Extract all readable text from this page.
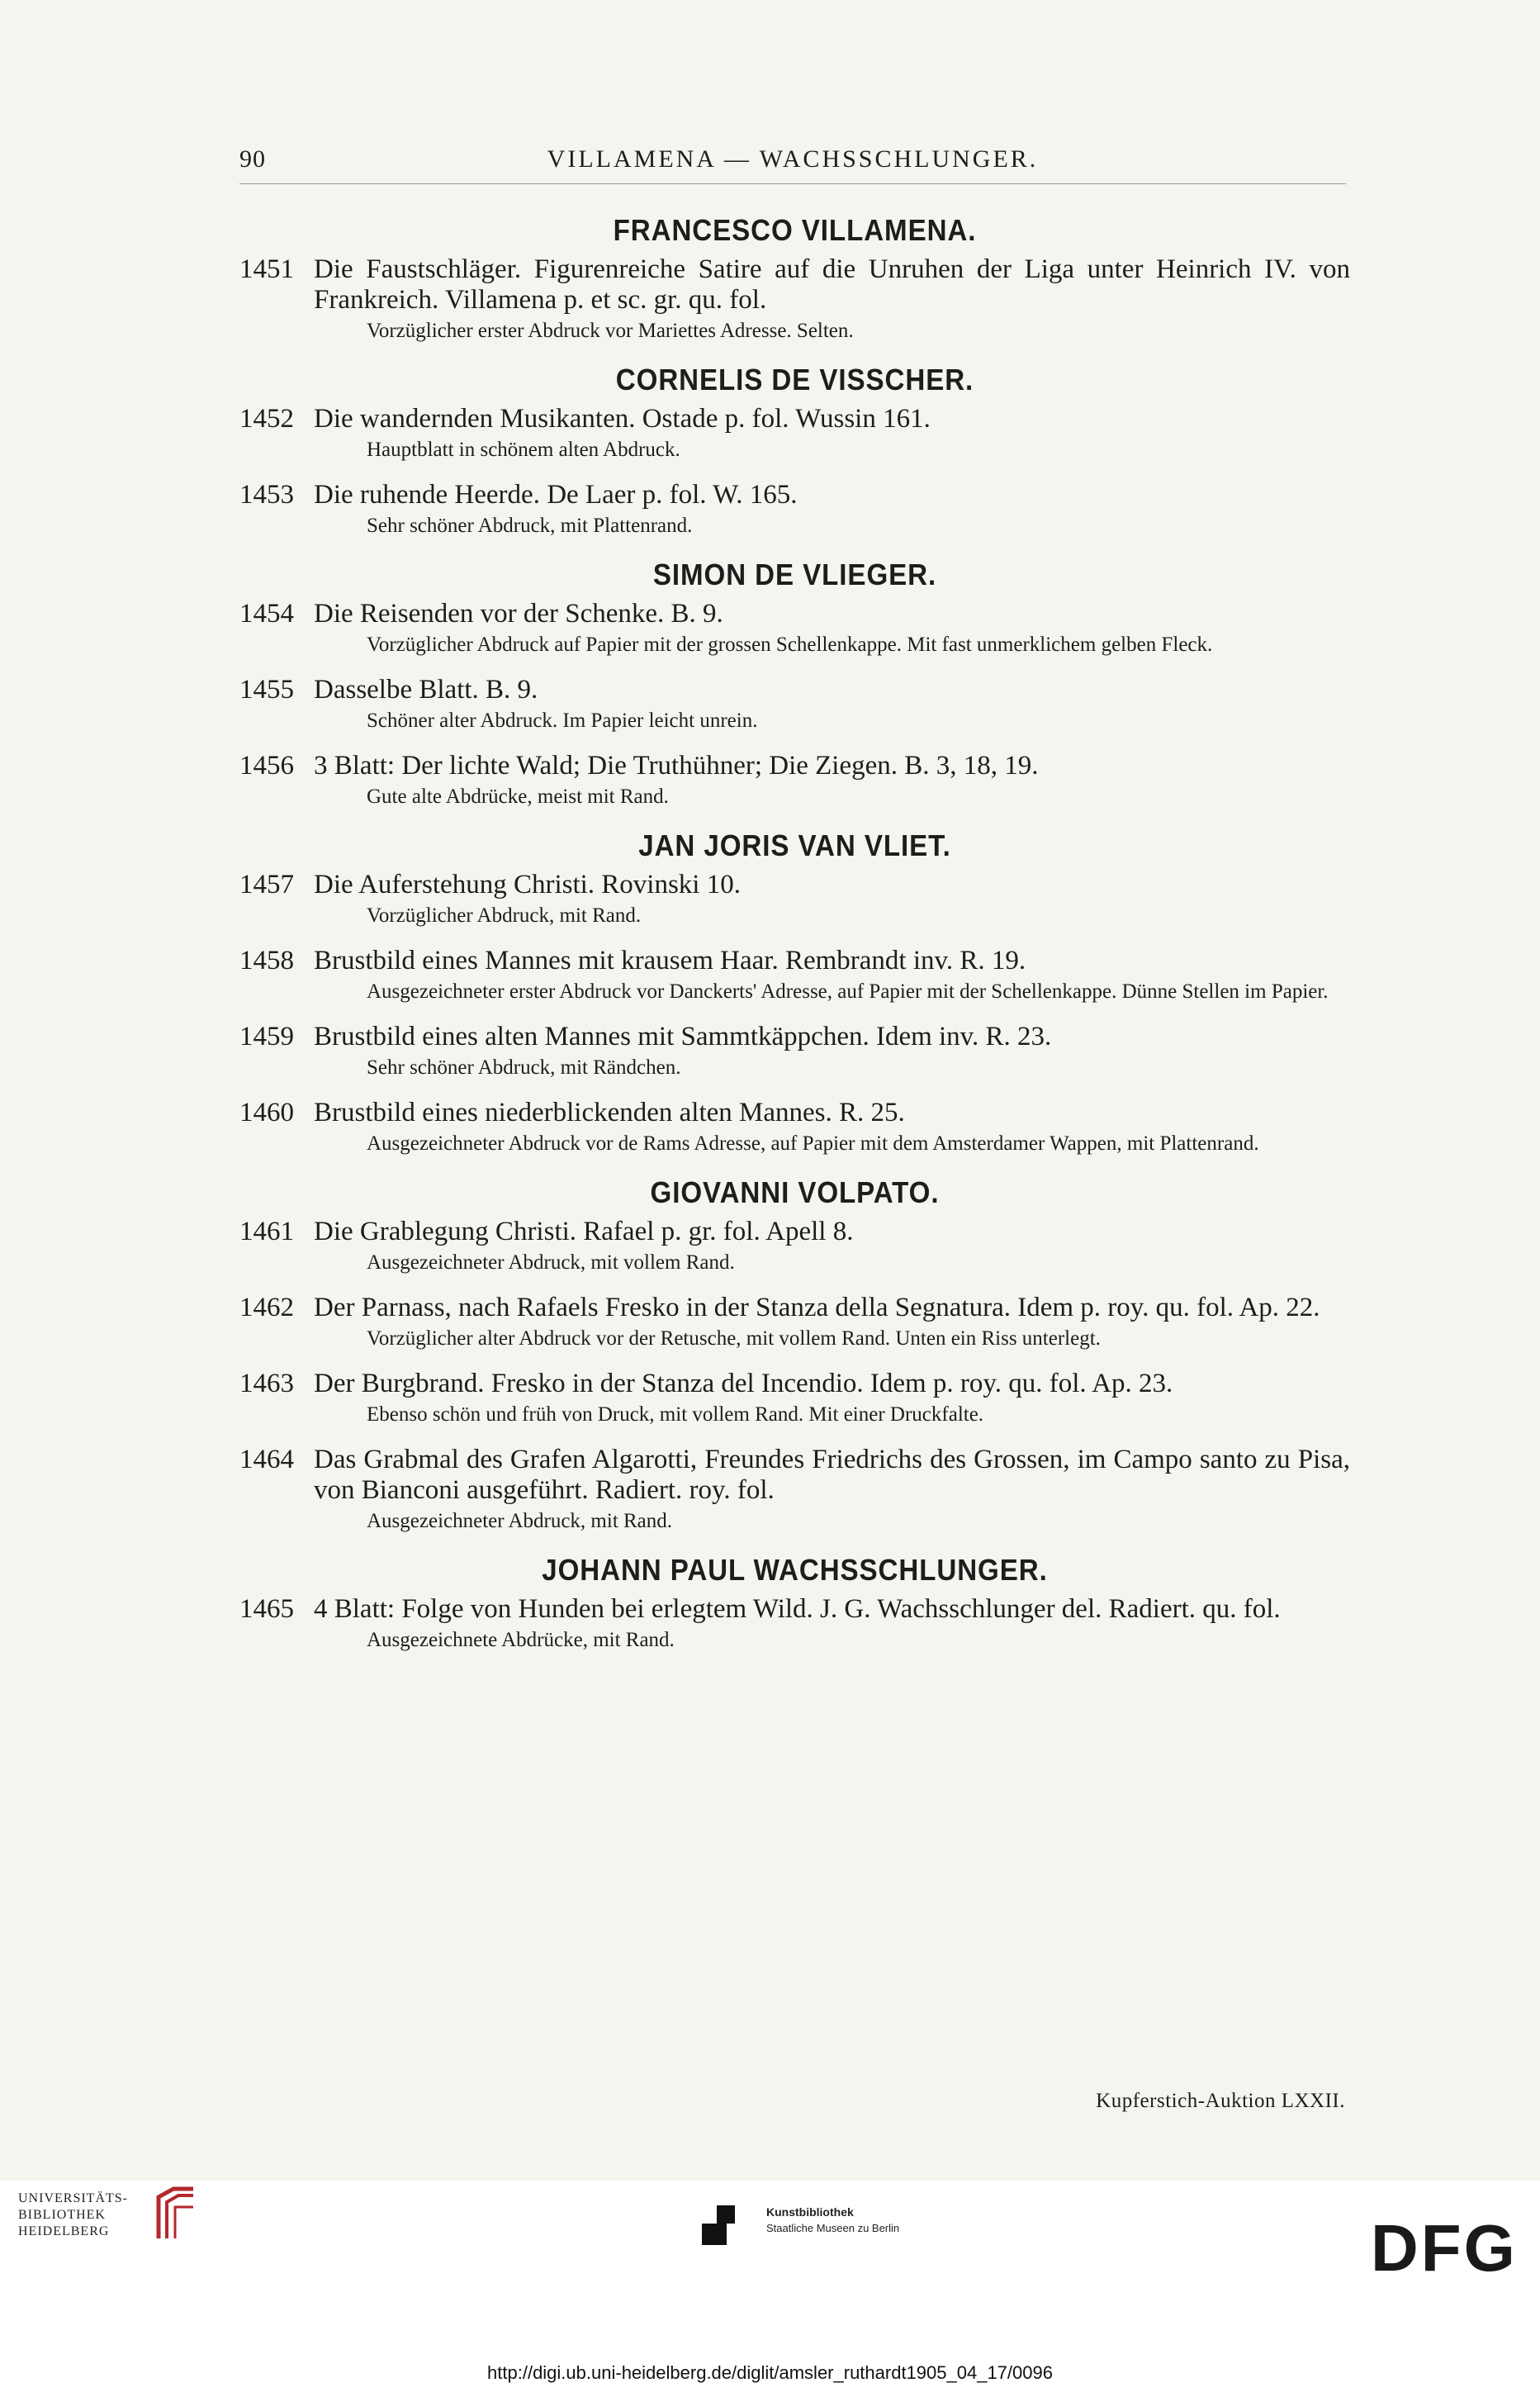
90	VILLAMENA — WACHSSCHLUNGER.
FRANCESCO VILLAMENA.
1451 Die Faustschläger. Figurenreiche Satire auf die Unruhen der Liga unter Heinrich IV. von Frankreich. Villamena p. et sc. gr. qu. fol.
Vorzüglicher erster Abdruck vor Mariettes Adresse. Selten.
CORNELIS DE VISSCHER.
1452 Die wandernden Musikanten. Ostade p. fol. Wussin 161.
Hauptblatt in schönem alten Abdruck.
1453 Die ruhende Heerde. De Laer p. fol. W. 165.
Sehr schöner Abdruck, mit Plattenrand.
SIMON DE VLIEGER.
1454 Die Reisenden vor der Schenke. B. 9.
Vorzüglicher Abdruck auf Papier mit der grossen Schellenkappe. Mit fast unmerklichem gelben Fleck.
1455 Dasselbe Blatt. B. 9.
Schöner alter Abdruck. Im Papier leicht unrein.
1456 3 Blatt: Der lichte Wald; Die Truthühner; Die Ziegen. B. 3, 18, 19.
Gute alte Abdrücke, meist mit Rand.
JAN JORIS VAN VLIET.
1457 Die Auferstehung Christi. Rovinski 10.
Vorzüglicher Abdruck, mit Rand.
1458 Brustbild eines Mannes mit krausem Haar. Rembrandt inv. R. 19.
Ausgezeichneter erster Abdruck vor Danckerts' Adresse, auf Papier mit der Schellenkappe. Dünne Stellen im Papier.
1459 Brustbild eines alten Mannes mit Sammtkäppchen. Idem inv. R. 23.
Sehr schöner Abdruck, mit Rändchen.
1460 Brustbild eines niederblickenden alten Mannes. R. 25.
Ausgezeichneter Abdruck vor de Rams Adresse, auf Papier mit dem Amsterdamer Wappen, mit Plattenrand.
GIOVANNI VOLPATO.
1461 Die Grablegung Christi. Rafael p. gr. fol. Apell 8.
Ausgezeichneter Abdruck, mit vollem Rand.
1462 Der Parnass, nach Rafaels Fresko in der Stanza della Segnatura. Idem p. roy. qu. fol. Ap. 22.
Vorzüglicher alter Abdruck vor der Retusche, mit vollem Rand. Unten ein Riss unterlegt.
1463 Der Burgbrand. Fresko in der Stanza del Incendio. Idem p. roy. qu. fol. Ap. 23.
Ebenso schön und früh von Druck, mit vollem Rand. Mit einer Druckfalte.
1464 Das Grabmal des Grafen Algarotti, Freundes Friedrichs des Grossen, im Campo santo zu Pisa, von Bianconi ausgeführt. Radiert. roy. fol.
Ausgezeichneter Abdruck, mit Rand.
JOHANN PAUL WACHSSCHLUNGER.
1465 4 Blatt: Folge von Hunden bei erlegtem Wild. J. G. Wachsschlunger del. Radiert. qu. fol.
Ausgezeichnete Abdrücke, mit Rand.
Kupferstich-Auktion LXXII.
UNIVERSITÄTS-
BIBLIOTHEK
HEIDELBERG
Kunstbibliothek
Staatliche Museen zu Berlin	DFG
http://digi.ub.uni-heidelberg.de/diglit/amsler_ruthardt1905_04_17/0096
